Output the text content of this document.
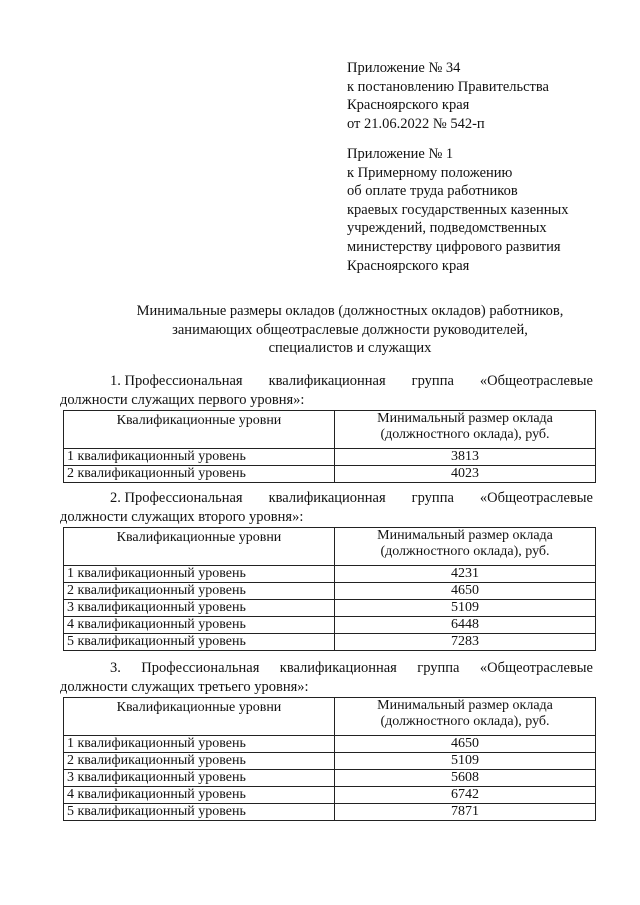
Приложение № 34
к постановлению Правительства
Красноярского края
от 21.06.2022 № 542-п
Приложение № 1
к Примерному положению
об оплате труда работников
краевых государственных казенных
учреждений, подведомственных
министерству цифрового развития
Красноярского края
Минимальные размеры окладов (должностных окладов) работников,
занимающих общеотраслевые должности руководителей,
специалистов и служащих
1. Профессиональная квалификационная группа «Общеотраслевые
должности служащих первого уровня»:
Квалификационные уровни	Минимальный размер оклада
(должностного оклада), руб.

1 квалификационный уровень	3813
2 квалификационный уровень	4023
2. Профессиональная квалификационная группа «Общеотраслевые
должности служащих второго уровня»:
Квалификационные уровни	Минимальный размер оклада
(должностного оклада), руб.

1 квалификационный уровень	4231
2 квалификационный уровень	4650
3 квалификационный уровень	5109
4 квалификационный уровень	6448
5 квалификационный уровень	7283
3. Профессиональная квалификационная группа «Общеотраслевые
должности служащих третьего уровня»:
Квалификационные уровни	Минимальный размер оклада
(должностного оклада), руб.

1 квалификационный уровень	4650
2 квалификационный уровень	5109
3 квалификационный уровень	5608
4 квалификационный уровень	6742
5 квалификационный уровень	7871
